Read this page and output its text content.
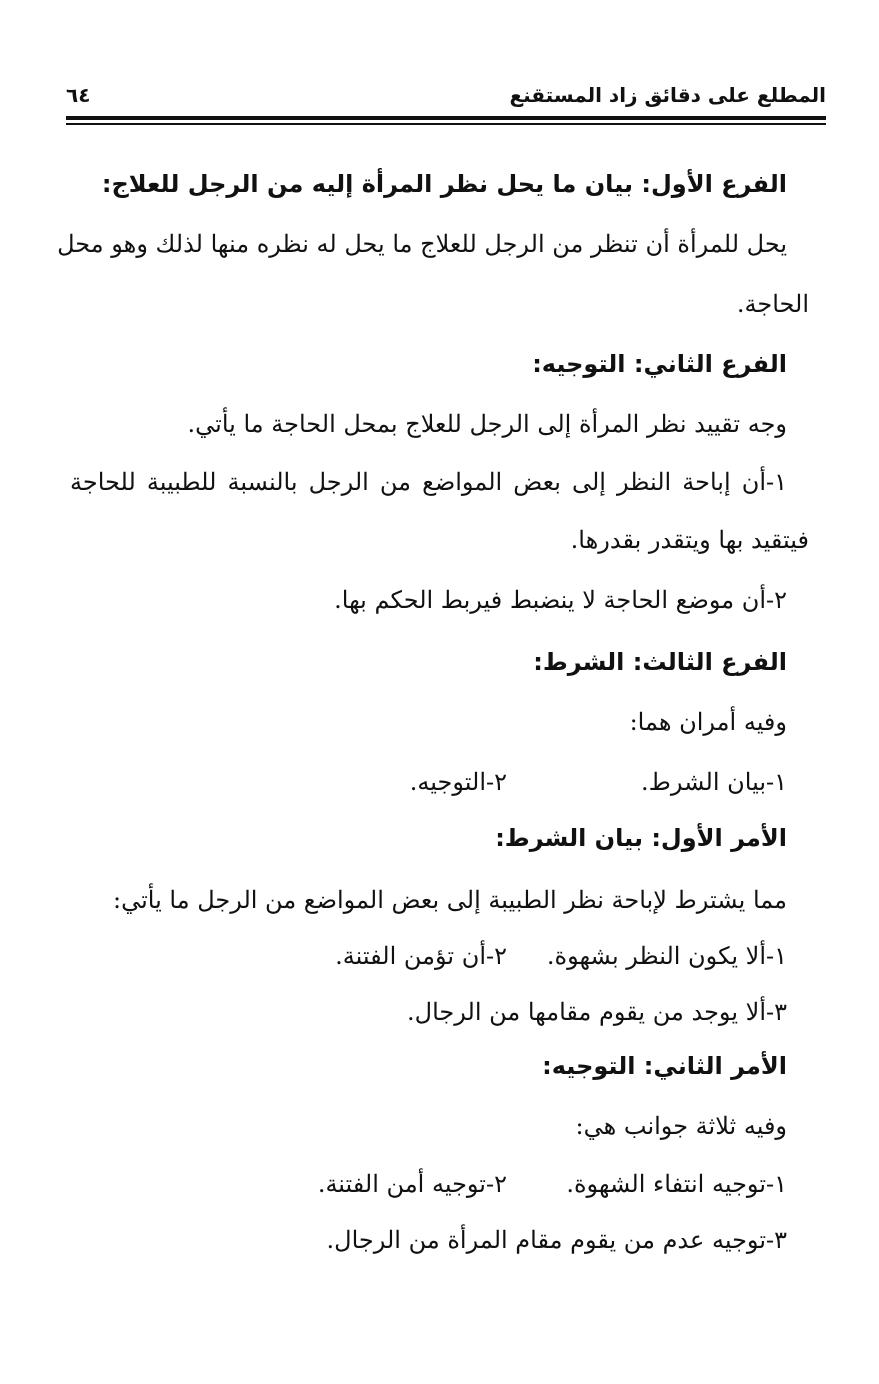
المطلع على دقائق زاد المستقنع
٦٤
الفرع الأول: بيان ما يحل نظر المرأة إليه من الرجل للعلاج:
يحل للمرأة أن تنظر من الرجل للعلاج ما يحل له نظره منها لذلك وهو محل
الحاجة.
الفرع الثاني: التوجيه:
وجه تقييد نظر المرأة إلى الرجل للعلاج بمحل الحاجة ما يأتي.
١-أن إباحة النظر إلى بعض المواضع من الرجل بالنسبة للطبيبة للحاجة
فيتقيد بها ويتقدر بقدرها.
٢-أن موضع الحاجة لا ينضبط فيربط الحكم بها.
الفرع الثالث: الشرط:
وفيه أمران هما:
١-بيان الشرط.
٢-التوجيه.
الأمر الأول: بيان الشرط:
مما يشترط لإباحة نظر الطبيبة إلى بعض المواضع من الرجل ما يأتي:
١-ألا يكون النظر بشهوة.
٢-أن تؤمن الفتنة.
٣-ألا يوجد من يقوم مقامها من الرجال.
الأمر الثاني: التوجيه:
وفيه ثلاثة جوانب هي:
١-توجيه انتفاء الشهوة.
٢-توجيه أمن الفتنة.
٣-توجيه عدم من يقوم مقام المرأة من الرجال.
